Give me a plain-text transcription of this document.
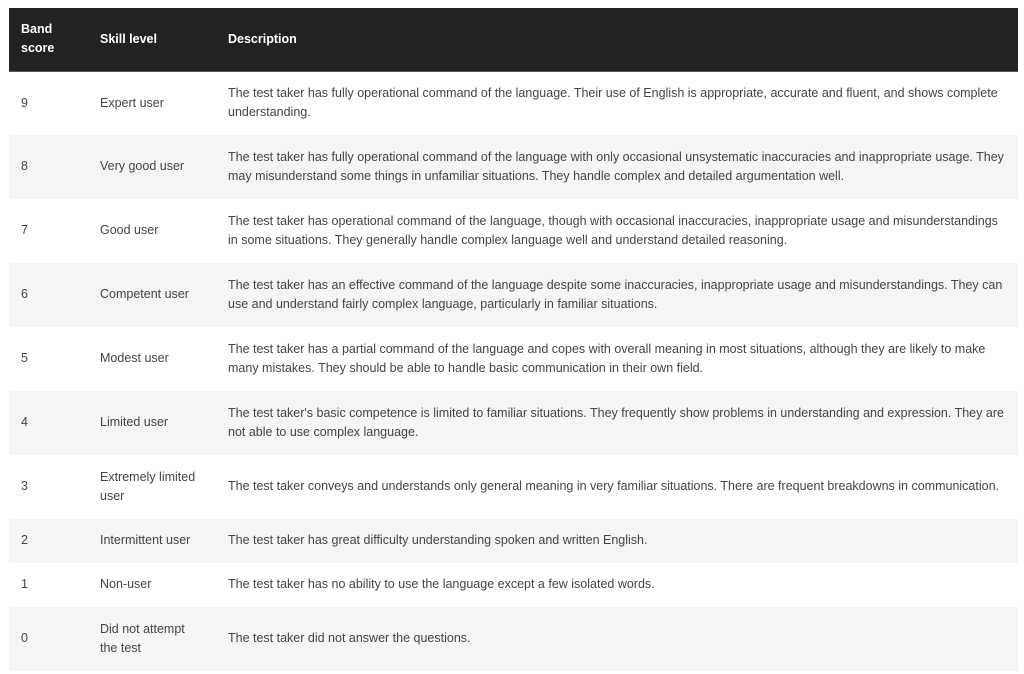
Band score	Skill level	Description
9	Expert user	The test taker has fully operational command of the language. Their use of English is appropriate, accurate and fluent, and shows complete understanding.
8	Very good user	The test taker has fully operational command of the language with only occasional unsystematic inaccuracies and inappropriate usage. They may misunderstand some things in unfamiliar situations. They handle complex and detailed argumentation well.
7	Good user	The test taker has operational command of the language, though with occasional inaccuracies, inappropriate usage and misunderstandings in some situations. They generally handle complex language well and understand detailed reasoning.
6	Competent user	The test taker has an effective command of the language despite some inaccuracies, inappropriate usage and misunderstandings. They can use and understand fairly complex language, particularly in familiar situations.
5	Modest user	The test taker has a partial command of the language and copes with overall meaning in most situations, although they are likely to make many mistakes. They should be able to handle basic communication in their own field.
4	Limited user	The test taker's basic competence is limited to familiar situations. They frequently show problems in understanding and expression. They are not able to use complex language.
3	Extremely limited user	The test taker conveys and understands only general meaning in very familiar situations. There are frequent breakdowns in communication.
2	Intermittent user	The test taker has great difficulty understanding spoken and written English.
1	Non-user	The test taker has no ability to use the language except a few isolated words.
0	Did not attempt the test	The test taker did not answer the questions.
